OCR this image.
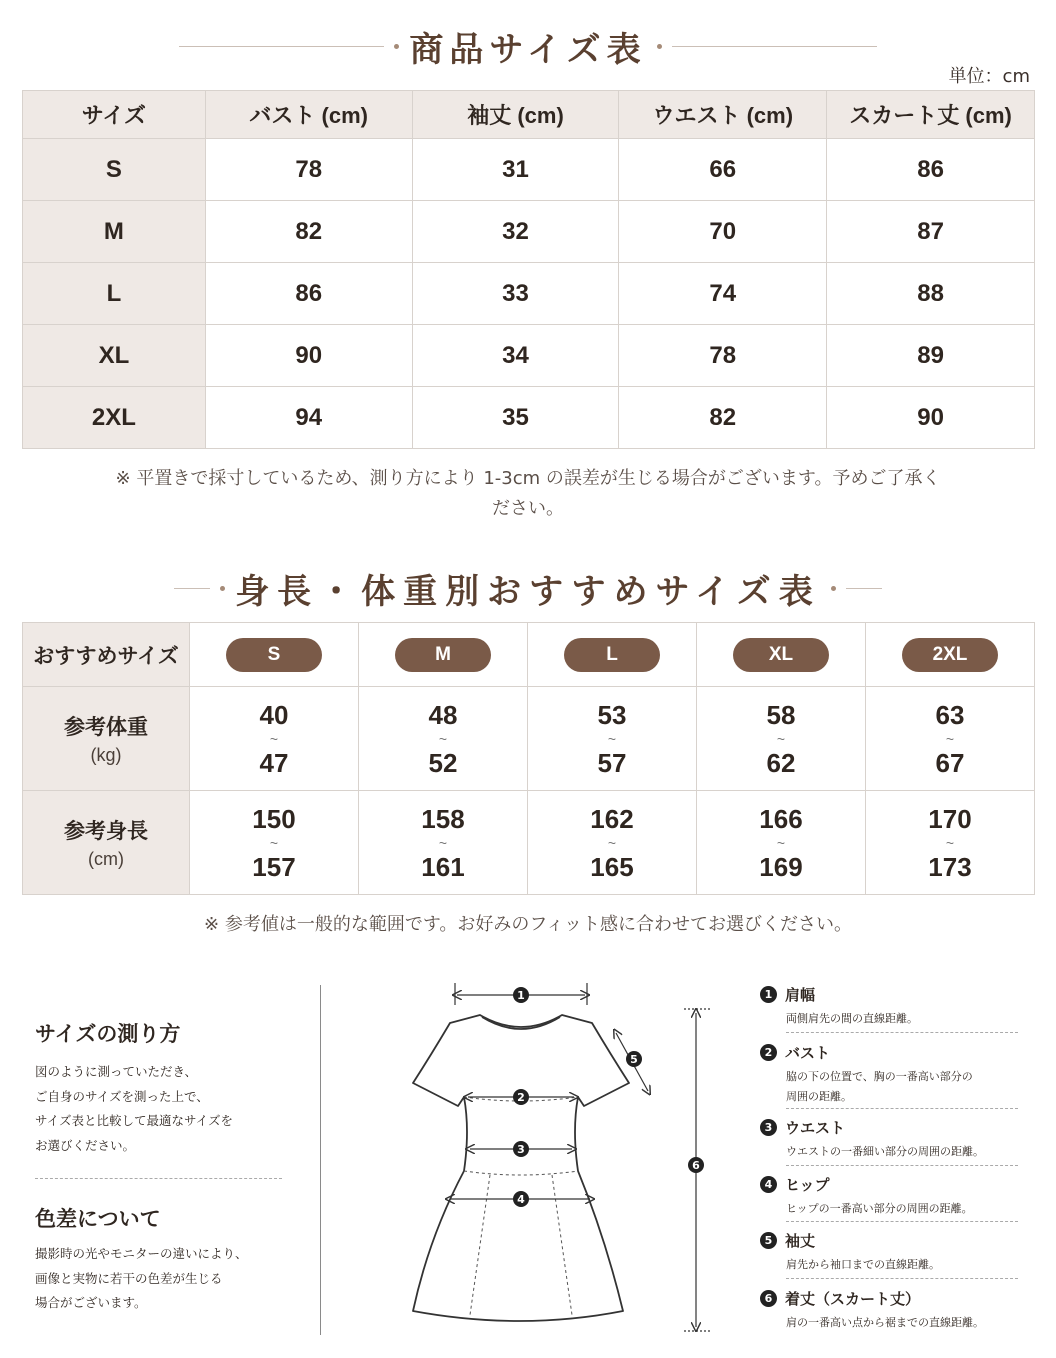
商品サイズ表
単位：cm
サイズ	バスト (cm)	袖丈 (cm)	ウエスト (cm)	スカート丈 (cm)
S	78	31	66	86
M	82	32	70	87
L	86	33	74	88
XL	90	34	78	89
2XL	94	35	82	90
※ 平置きで採寸しているため、測り方により 1-3cm の誤差が生じる場合がございます。予めご了承く
ださい。
身長・体重別おすすめサイズ表
おすすめサイズ	S	M	L	XL	2XL
参考体重
(kg)	40
~
47	48
~
52	53
~
57	58
~
62	63
~
67

参考身長
(cm)	150
~
157	158
~
161	162
~
165	166
~
169	170
~
173
※ 参考値は一般的な範囲です。お好みのフィット感に合わせてお選びください。
サイズの測り方
図のように測っていただき、
ご自身のサイズを測った上で、
サイズ表と比較して最適なサイズを
お選びください。
色差について
撮影時の光やモニターの違いにより、
画像と実物に若干の色差が生じる
場合がございます。
1
2
3
4
5
6
1 肩幅
両側肩先の間の直線距離。
2 バスト
脇の下の位置で、胸の一番高い部分の
周囲の距離。
3 ウエスト
ウエストの一番細い部分の周囲の距離。
4 ヒップ
ヒップの一番高い部分の周囲の距離。
5 袖丈
肩先から袖口までの直線距離。
6 着丈（スカート丈）
肩の一番高い点から裾までの直線距離。
